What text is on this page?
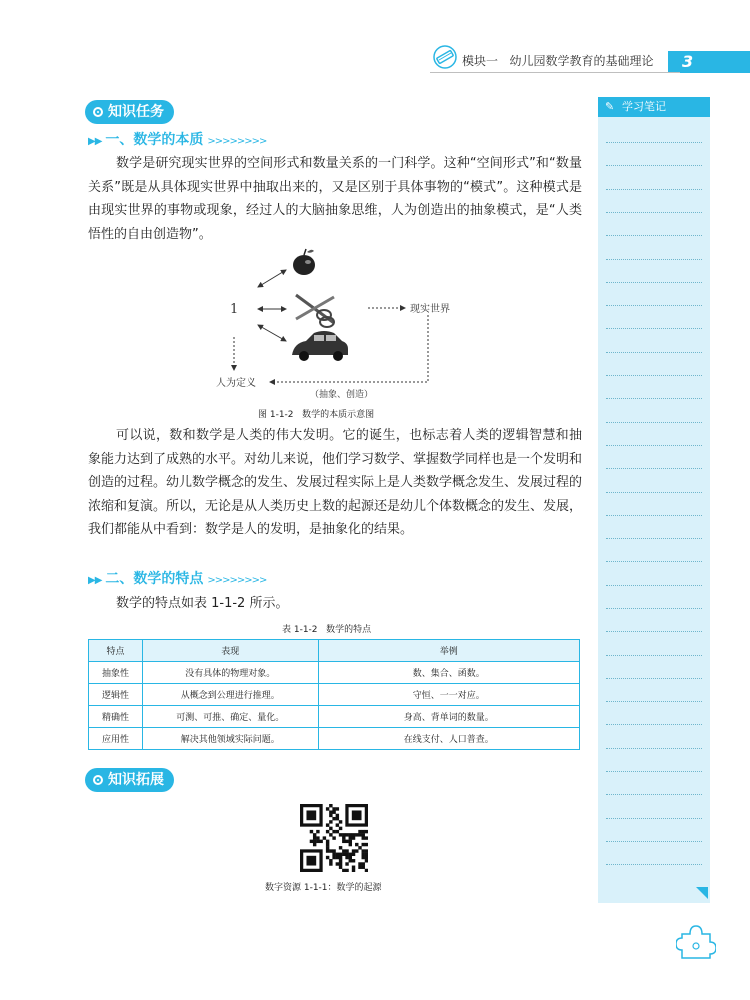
模块一 幼儿园数学教育的基础理论	3
✎ 学习笔记
知识任务
▶▶ 一、数学的本质 >>>>>>>>
数学是研究现实世界的空间形式和数量关系的一门科学。这种“空间形式”和“数量关系”既是从具体现实世界中抽取出来的，又是区别于具体事物的“模式”。这种模式是由现实世界的事物或现象，经过人的大脑抽象思维，人为创造出的抽象模式，是“人类悟性的自由创造物”。
1	现实世界
人为定义
（抽象、创造）
图 1-1-2 数学的本质示意图
可以说，数和数学是人类的伟大发明。它的诞生，也标志着人类的逻辑智慧和抽象能力达到了成熟的水平。对幼儿来说，他们学习数学、掌握数学同样也是一个发明和创造的过程。幼儿数学概念的发生、发展过程实际上是人类数学概念发生、发展过程的浓缩和复演。所以，无论是从人类历史上数的起源还是幼儿个体数概念的发生、发展，我们都能从中看到：数学是人的发明，是抽象化的结果。
▶▶ 二、数学的特点 >>>>>>>>
数学的特点如表 1-1-2 所示。
表 1-1-2 数学的特点
特点	表现	举例
抽象性	没有具体的物理对象。	数、集合、函数。
逻辑性	从概念到公理进行推理。	守恒、一一对应。
精确性	可测、可推、确定、量化。	身高、背单词的数量。
应用性	解决其他领域实际问题。	在线支付、人口普查。
知识拓展
数字资源 1-1-1：数学的起源
